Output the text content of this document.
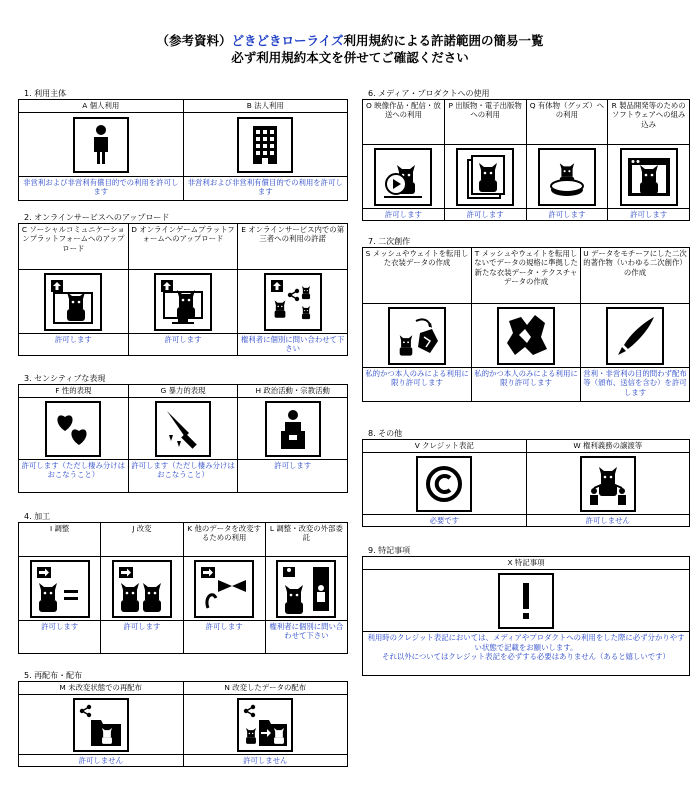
（参考資料）どきどきローライズ利用規約による許諾範囲の簡易一覧
必ず利用規約本文を併せてご確認ください
1. 利用主体
A 個人利用	B 法人利用

非営利および非営利有償目的での利用を許可します	非営利および非営利有償目的での利用を許可します
2. オンラインサービスへのアップロード
C ソーシャルコミュニケーションプラットフォームへのアップロード	D オンラインゲームプラットフォームへのアップロード	E オンラインサービス内での第三者への利用の許諾

許可します	許可します	権利者に個別に問い合わせて下さい
3. センシティブな表現
F 性的表現	G 暴力的表現	H 政治活動・宗教活動

許可します（ただし棲み分けはおこなうこと）	許可します（ただし棲み分けはおこなうこと）	許可します
4. 加工
I 調整	J 改変	K 他のデータを改変するための利用	L 調整・改変の外部委託

許可します	許可します	許可します	権利者に個別に問い合わせて下さい
5. 再配布・配布
M 未改変状態での再配布	N 改変したデータの配布

許可しません	許可しません
6. メディア・プロダクトへの使用
O 映像作品・配信・放送への利用	P 出版物・電子出版物への利用	Q 有体物（グッズ）への利用	R 製品開発等のためのソフトウェアへの組み込み

許可します	許可します	許可します	許可します
7. 二次創作
S メッシュやウェイトを転用した衣装データの作成	T メッシュやウェイトを転用しないでデータの規格に準拠した新たな衣装データ・テクスチャデータの作成	U データをモチーフにした二次的著作物（いわゆる二次創作）の作成

私的かつ本人のみによる利用に限り許可します	私的かつ本人のみによる利用に限り許可します	営利・非営利の目的問わず配布等（頒布、送信を含む）を許可します
8. その他
V クレジット表記	W 権利義務の譲渡等

必要です	許可しません
9. 特記事項
X 特記事項

利用時のクレジット表記においては、メディアやプロダクトへの利用をした際に必ず分かりやすい状態で記載をお願いします。
それ以外についてはクレジット表記を必ずする必要はありません（あると嬉しいです）
